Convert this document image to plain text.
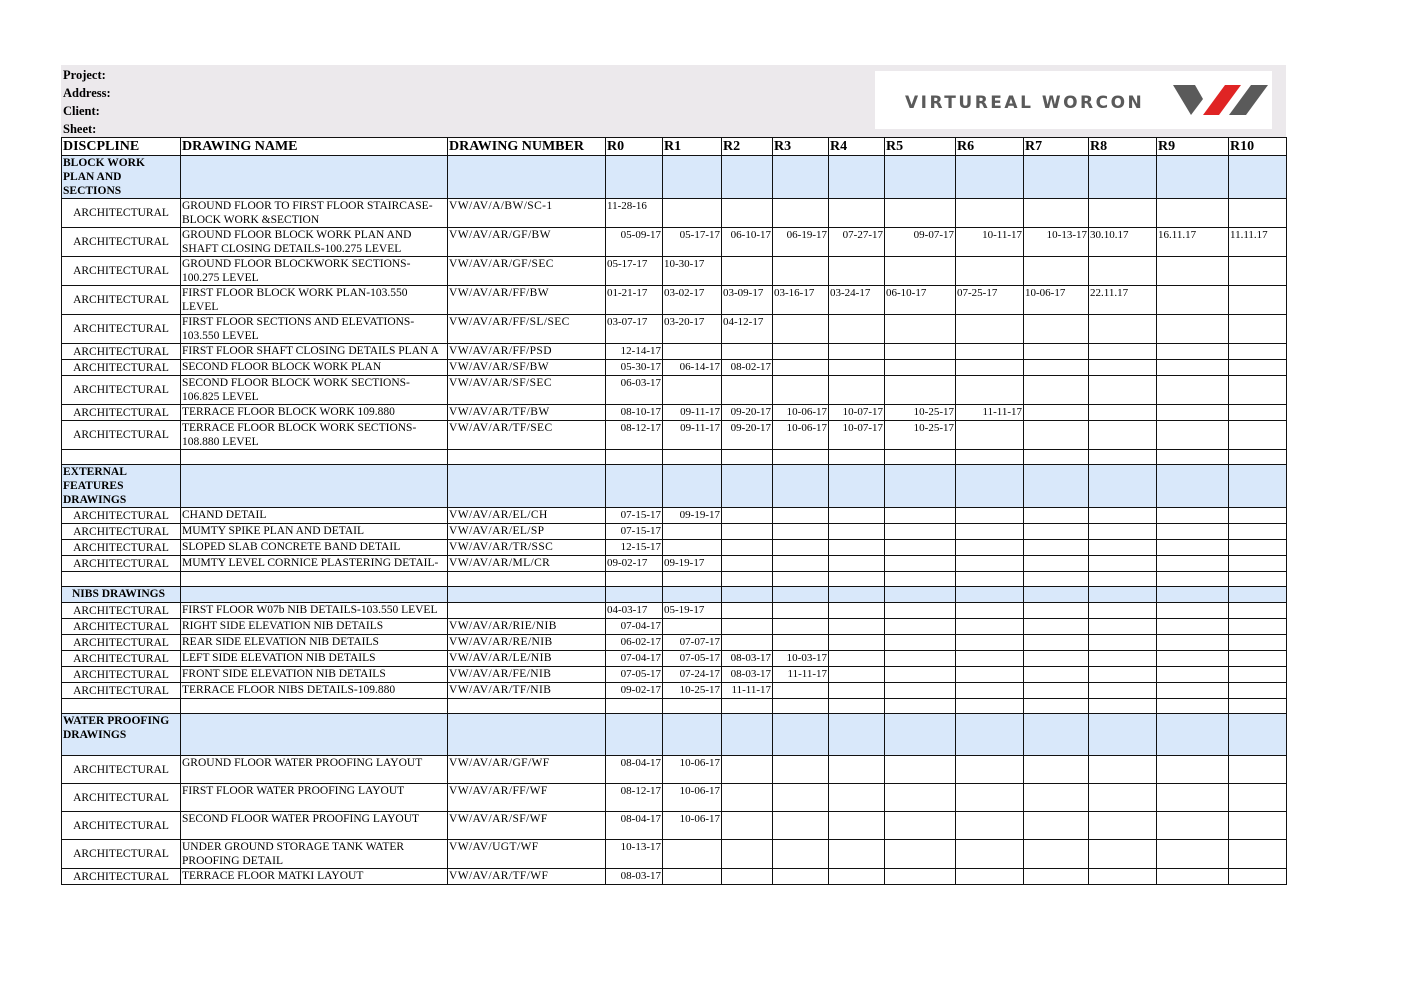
Project:
Address:
Client:
Sheet:
VIRTUREAL WORCON
DISCPLINE	DRAWING NAME	DRAWING NUMBER	R0	R1	R2	R3	R4	R5	R6	R7	R8	R9	R10
BLOCK WORK PLAN AND SECTIONS													
ARCHITECTURAL	GROUND FLOOR TO FIRST FLOOR STAIRCASE-BLOCK WORK &SECTION	VW/AV/A/BW/SC-1	11-28-16										
ARCHITECTURAL	GROUND FLOOR BLOCK WORK PLAN AND SHAFT CLOSING DETAILS-100.275 LEVEL	VW/AV/AR/GF/BW	05-09-17	05-17-17	06-10-17	06-19-17	07-27-17	09-07-17	10-11-17	10-13-17	30.10.17	16.11.17	11.11.17
ARCHITECTURAL	GROUND FLOOR BLOCKWORK SECTIONS-100.275 LEVEL	VW/AV/AR/GF/SEC	05-17-17	10-30-17									
ARCHITECTURAL	FIRST FLOOR BLOCK WORK PLAN-103.550 LEVEL	VW/AV/AR/FF/BW	01-21-17	03-02-17	03-09-17	03-16-17	03-24-17	06-10-17	07-25-17	10-06-17	22.11.17		
ARCHITECTURAL	FIRST FLOOR SECTIONS AND ELEVATIONS-103.550 LEVEL	VW/AV/AR/FF/SL/SEC	03-07-17	03-20-17	04-12-17								
ARCHITECTURAL	FIRST FLOOR SHAFT CLOSING DETAILS PLAN A	VW/AV/AR/FF/PSD	12-14-17										
ARCHITECTURAL	SECOND FLOOR BLOCK WORK PLAN	VW/AV/AR/SF/BW	05-30-17	06-14-17	08-02-17								
ARCHITECTURAL	SECOND FLOOR BLOCK WORK SECTIONS-106.825 LEVEL	VW/AV/AR/SF/SEC	06-03-17										
ARCHITECTURAL	TERRACE FLOOR BLOCK WORK 109.880	VW/AV/AR/TF/BW	08-10-17	09-11-17	09-20-17	10-06-17	10-07-17	10-25-17	11-11-17				
ARCHITECTURAL	TERRACE FLOOR BLOCK WORK SECTIONS-108.880 LEVEL	VW/AV/AR/TF/SEC	08-12-17	09-11-17	09-20-17	10-06-17	10-07-17	10-25-17					

EXTERNAL FEATURES DRAWINGS													
ARCHITECTURAL	CHAND DETAIL	VW/AV/AR/EL/CH	07-15-17	09-19-17									
ARCHITECTURAL	MUMTY SPIKE PLAN AND DETAIL	VW/AV/AR/EL/SP	07-15-17										
ARCHITECTURAL	SLOPED SLAB CONCRETE BAND DETAIL	VW/AV/AR/TR/SSC	12-15-17										
ARCHITECTURAL	MUMTY LEVEL CORNICE PLASTERING DETAIL-	VW/AV/AR/ML/CR	09-02-17	09-19-17									

NIBS DRAWINGS													
ARCHITECTURAL	FIRST FLOOR W07b NIB DETAILS-103.550 LEVEL		04-03-17	05-19-17									
ARCHITECTURAL	RIGHT SIDE ELEVATION NIB DETAILS	VW/AV/AR/RIE/NIB	07-04-17										
ARCHITECTURAL	REAR SIDE ELEVATION NIB DETAILS	VW/AV/AR/RE/NIB	06-02-17	07-07-17									
ARCHITECTURAL	LEFT SIDE ELEVATION NIB DETAILS	VW/AV/AR/LE/NIB	07-04-17	07-05-17	08-03-17	10-03-17							
ARCHITECTURAL	FRONT SIDE ELEVATION NIB DETAILS	VW/AV/AR/FE/NIB	07-05-17	07-24-17	08-03-17	11-11-17							
ARCHITECTURAL	TERRACE FLOOR NIBS DETAILS-109.880	VW/AV/AR/TF/NIB	09-02-17	10-25-17	11-11-17								

WATER PROOFING DRAWINGS													
ARCHITECTURAL	GROUND FLOOR WATER PROOFING LAYOUT	VW/AV/AR/GF/WF	08-04-17	10-06-17									
ARCHITECTURAL	FIRST FLOOR WATER PROOFING LAYOUT	VW/AV/AR/FF/WF	08-12-17	10-06-17									
ARCHITECTURAL	SECOND FLOOR WATER PROOFING LAYOUT	VW/AV/AR/SF/WF	08-04-17	10-06-17									
ARCHITECTURAL	UNDER GROUND STORAGE TANK WATER PROOFING DETAIL	VW/AV/UGT/WF	10-13-17										
ARCHITECTURAL	TERRACE FLOOR MATKI LAYOUT	VW/AV/AR/TF/WF	08-03-17										
